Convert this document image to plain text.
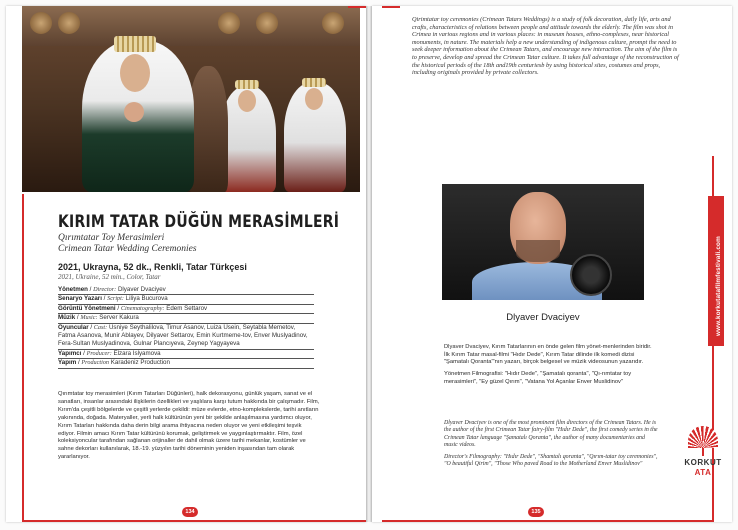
KIRIM TATAR DÜĞÜN MERASİMLERİ
Qırımtatar Toy Merasimleri
Crimean Tatar Wedding Ceremonies
2021, Ukrayna, 52 dk., Renkli, Tatar Türkçesi
2021, Ukraine, 52 min., Color, Tatar
Yönetmen / Director: Dlyaver Dvaciyev
Senaryo Yazarı / Script: Liliya Bucurova
Görüntü Yönetmeni / Cinematography: Edem Settarov
Müzik / Music: Server Kakura
Oyuncular / Cast: Usniye Seythalilova, Timur Asanov, Luiza Usein, Seytabla Memetov, Fatma Asanova, Munir Ablayev, Dilyaver Settarov, Emin Kurtmeme-tov, Enver Muslyadinov, Fera-Sultan Muslyadinova, Gulnar Plancıyeva, Zeynep Yagyayeva
Yapımcı / Producer: Elzara Islyamova
Yapım / Production Karadeniz Production

Qırımtatar toy merasimleri (Kırım Tatarları Düğünleri), halk dekorasyonu, günlük yaşam, sanat ve el sanatları, insanlar arasındaki ilişkilerin özellikleri ve yaşlılara karşı tutum hakkında bir çalışmadır. Film, Kırım'da çeşitli bölgelerde ve çeşitli yerlerde çekildi: müze evlerde, etno-komplekslerde, tarihi anıtların yakınında, doğada. Materyaller, yerli halk kültürünün yeni bir şekilde anlaşılmasına yardımcı oluyor, Kırım Tatarları hakkında daha derin bilgi arama ihtiyacına neden oluyor ve yeni etkileşimi teşvik ediyor. Filmin amacı Kırım Tatar kültürünü korumak, geliştirmek ve yaygınlaştırmaktır. Film, özel koleksiyoncular tarafından sağlanan orijinaller de dahil olmak üzere tarihi mekanlar, kostümler ve sahne dekorları kullanılarak, 18.-19. yüzyılın tarihi döneminin yeniden inşasından tam olarak yararlanıyor.

134
Qirimtatar toy ceremonies (Crimean Tatars Weddings) is a study of folk decoration, daily life, arts and crafts, characteristics of relations between people and attitude towards the elderly. The film was shot in Crimea in various regions and in various places: in museum houses, ethno-complexes, near historical monuments, in nature. The materials help a new understanding of indigenous culture, prompt the need to seek deeper information about the Crimean Tatars, and encourage new interaction. The aim of the film is to preserve, develop and spread the Crimean Tatar culture. It takes full advantage of the reconstruction of the historical periods of the 18th and19th centuriesb by using historical sites, costumes and props, including originals provided by private collectors.
Dlyaver Dvaciyev

Dlyaver Dvaciyev, Kırım Tatarlarının en önde gelen film yönet-menlerinden biridir. İlk Kırım Tatar masal-filmi "Hıdır Dede", Kırım Tatar dilinde ilk komedi dizisi "Şamatalı Qoranta"'nın yazarı, birçok belgesel ve müzik videosunun yazarıdır.

Yönetmen Filmografisi: "Hıdır Dede", "Şamatalı qoranta", "Qı-rımtatar toy merasimleri", "Ey güzel Qırım", "Vatana Yol Açanlar Enver Muslidinov"

Dlyaver Dvaciyev is one of the most prominent film directors of the Crimean Tatars. He is the author of the first Crimean Tatar fairy-film "Hıdır Dede", the first comedy series in the Crimean Tatar language "Şamatalı Qoranta", the author of many documentaries and music videos.

Director's Filmography: "Hıdır Dede", "Shamtalı qoranta", "Qırım-tatar toy ceremonies", "O beautiful Qirim", "Those Who paved Road to the Motherland Enver Muslidinov"

www.korkutatafilmfestivali.com
KORKUT
ATA
135
